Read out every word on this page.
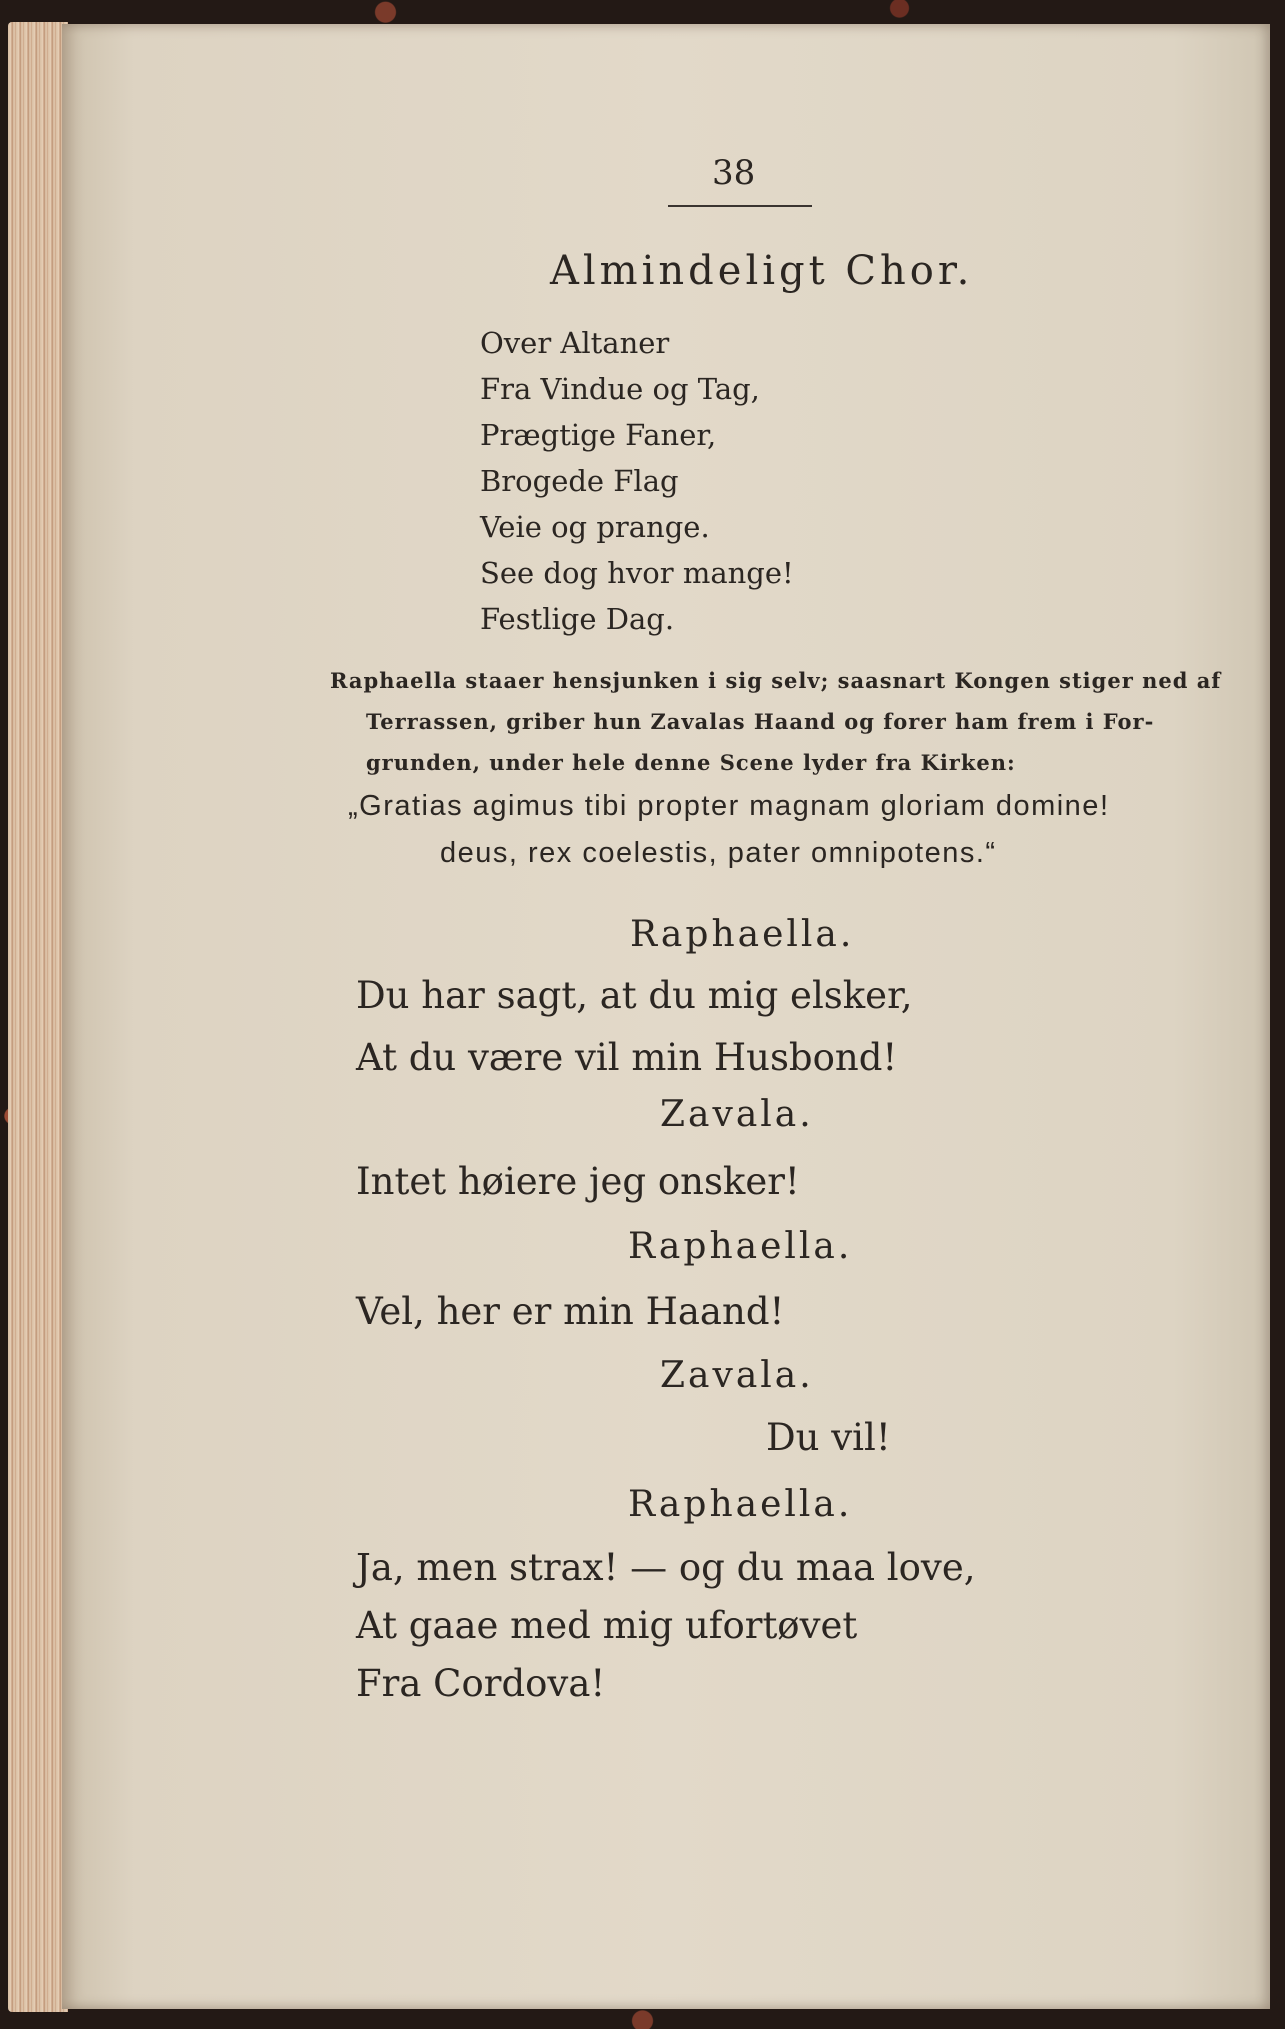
38
Almindeligt Chor.
Over Altaner
Fra Vindue og Tag,
Prægtige Faner,
Brogede Flag
Veie og prange.
See dog hvor mange!
Festlige Dag.
Raphaella staaer hensjunken i sig selv; saasnart Kongen stiger ned af
Terrassen, griber hun Zavalas Haand og forer ham frem i For-
grunden, under hele denne Scene lyder fra Kirken:
„Gratias agimus tibi propter magnam gloriam domine!
deus, rex coelestis, pater omnipotens.“
Raphaella.
Du har sagt, at du mig elsker,
At du være vil min Husbond!
Zavala.
Intet høiere jeg onsker!
Raphaella.
Vel, her er min Haand!
Zavala.
Du vil!
Raphaella.
Ja, men strax! — og du maa love,
At gaae med mig ufortøvet
Fra Cordova!
